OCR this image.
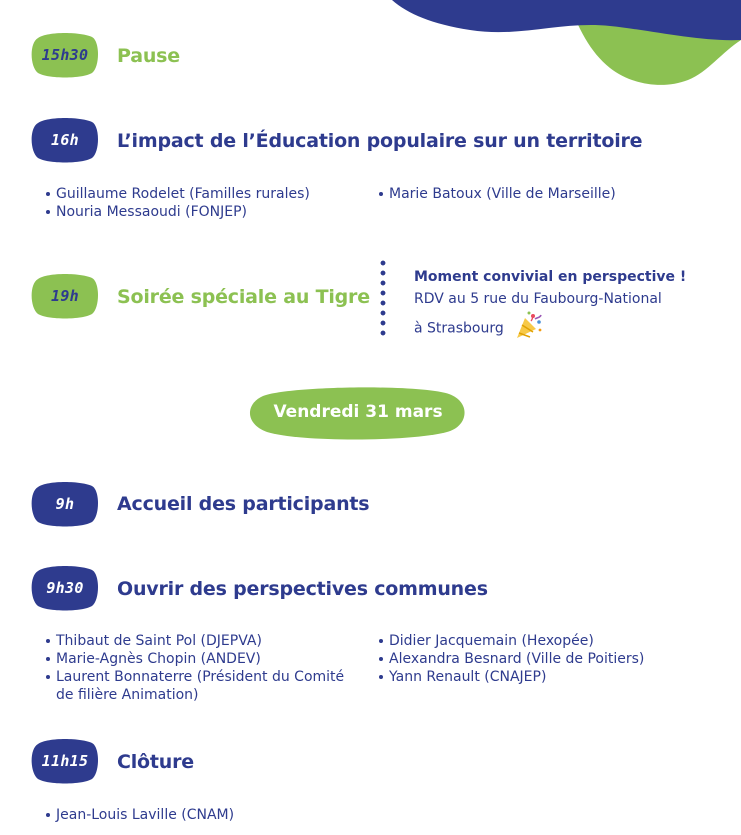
15h30 Pause
16h L’impact de l’Éducation populaire sur un territoire
Guillaume Rodelet (Familles rurales)
Nouria Messaoudi (FONJEP)
Marie Batoux (Ville de Marseille)
19h Soirée spéciale au Tigre
Moment convivial en perspective !
RDV au 5 rue du Faubourg-National
à Strasbourg
Vendredi 31 mars
9h Accueil des participants
9h30 Ouvrir des perspectives communes
Thibaut de Saint Pol (DJEPVA)
Marie-Agnès Chopin (ANDEV)
Laurent Bonnaterre (Président du Comité
de filière Animation)
Didier Jacquemain (Hexopée)
Alexandra Besnard (Ville de Poitiers)
Yann Renault (CNAJEP)
11h15 Clôture
Jean-Louis Laville (CNAM)
